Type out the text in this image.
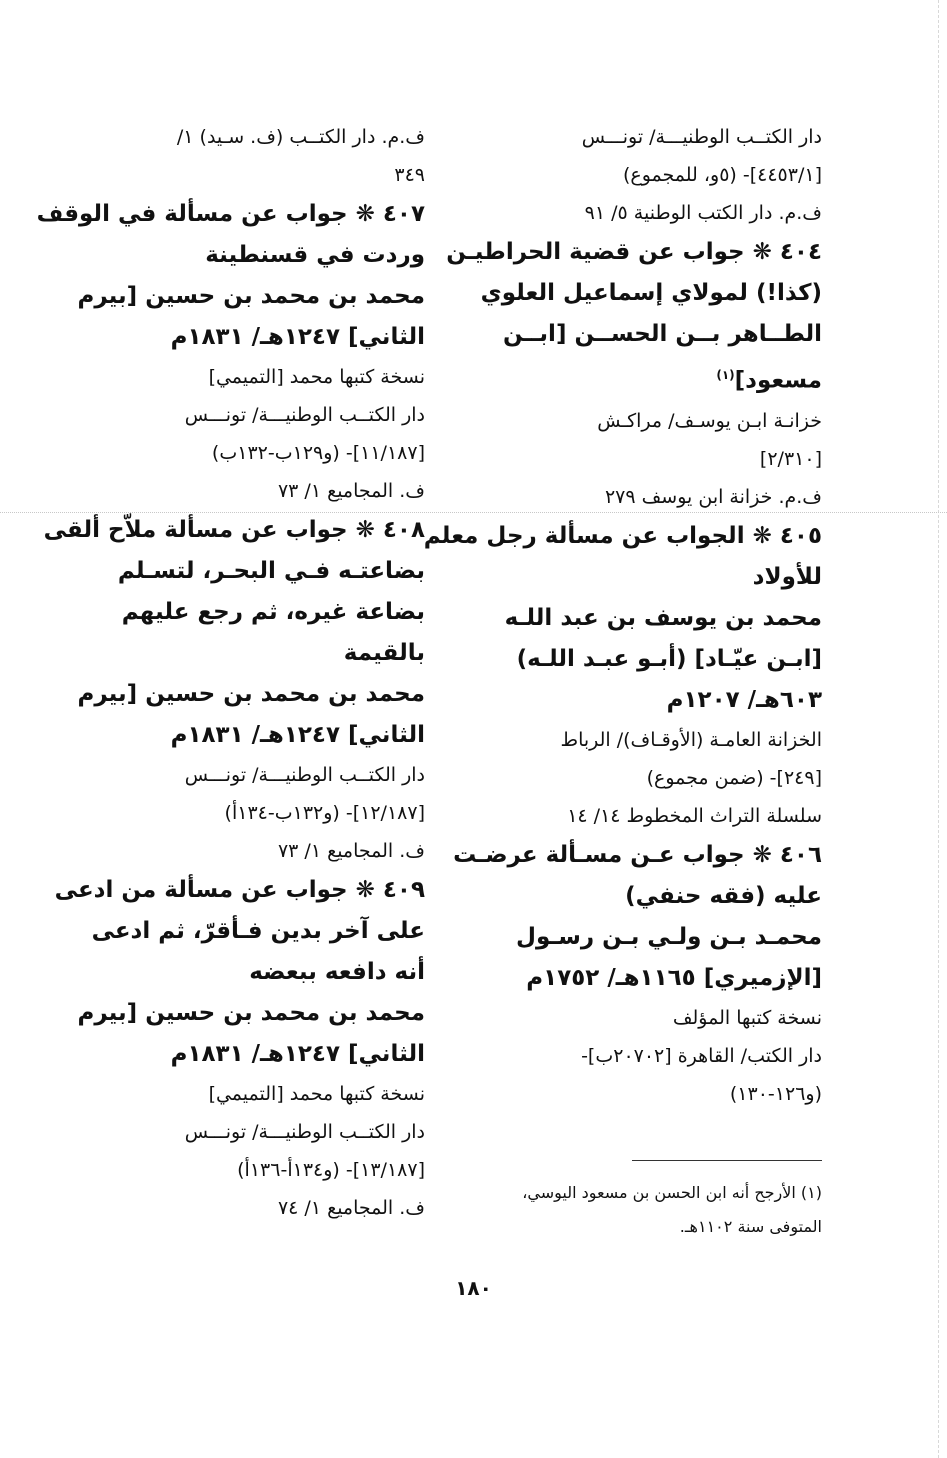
دار الكتــب الوطنيـــة/ تونـــس
[٤٤٥٣/١]- (٥و، للمجموع)
ف.م. دار الكتب الوطنية ٥/ ٩١
٤٠٤ ❋ جواب عن قضية الحراطيـن
(كذا!) لمولاي إسماعيل العلوي
الطــاهر بــن الحســن [ابــن
مسعود]$^{(١)}$
خزانـة ابـن يوسـف/ مراكـش
[٢/٣١٠]
ف.م. خزانة ابن يوسف ٢٧٩
٤٠٥ ❋ الجواب عن مسألة رجل معلم
للأولاد
محمد بن يوسف بن عبد اللـه
[ابـن عيّـاد] (أبـو عبـد اللـه)
٦٠٣هـ/ ١٢٠٧م
الخزانة العامـة (الأوقـاف)/ الرباط
[٢٤٩]- (ضمن مجموع)
سلسلة التراث المخطوط ١٤/ ١٤
٤٠٦ ❋ جواب عـن مسـألة عرضـت
عليه (فقه حنفي)
محمـد بـن ولـي بـن رسـول
[الإزميري] ١١٦٥هـ/ ١٧٥٢م
نسخة كتبها المؤلف
دار الكتب/ القاهرة [٢٠٧٠٢ب]-
(و١٢٦-١٣٠)
ف.م. دار الكتــب (ف. سـيد) ١/
٣٤٩
٤٠٧ ❋ جواب عن مسألة في الوقف
وردت في قسنطينة
محمد بن محمد بن حسين [بيرم
الثاني] ١٢٤٧هـ/ ١٨٣١م
نسخة كتبها محمد [التميمي]
دار الكتــب الوطنيـــة/ تونـــس
[١١/١٨٧]- (و١٢٩ب-١٣٢ب)
ف. المجاميع ١/ ٧٣
٤٠٨ ❋ جواب عن مسألة ملاّح ألقى
بضاعتـه فـي البحـر، لتسـلم
بضاعة غيره، ثم رجع عليهم
بالقيمة
محمد بن محمد بن حسين [بيرم
الثاني] ١٢٤٧هـ/ ١٨٣١م
دار الكتــب الوطنيـــة/ تونـــس
[١٢/١٨٧]- (و١٣٢ب-١٣٤أ)
ف. المجاميع ١/ ٧٣
٤٠٩ ❋ جواب عن مسألة من ادعى
على آخر بدين فـأقرّ، ثم ادعى
أنه دافعه ببعضه
محمد بن محمد بن حسين [بيرم
الثاني] ١٢٤٧هـ/ ١٨٣١م
نسخة كتبها محمد [التميمي]
دار الكتــب الوطنيـــة/ تونـــس
[١٣/١٨٧]- (و١٣٤أ-١٣٦أ)
ف. المجاميع ١/ ٧٤
(١) الأرجح أنه ابن الحسن بن مسعود اليوسي،
المتوفى سنة ١١٠٢هـ.
١٨٠
